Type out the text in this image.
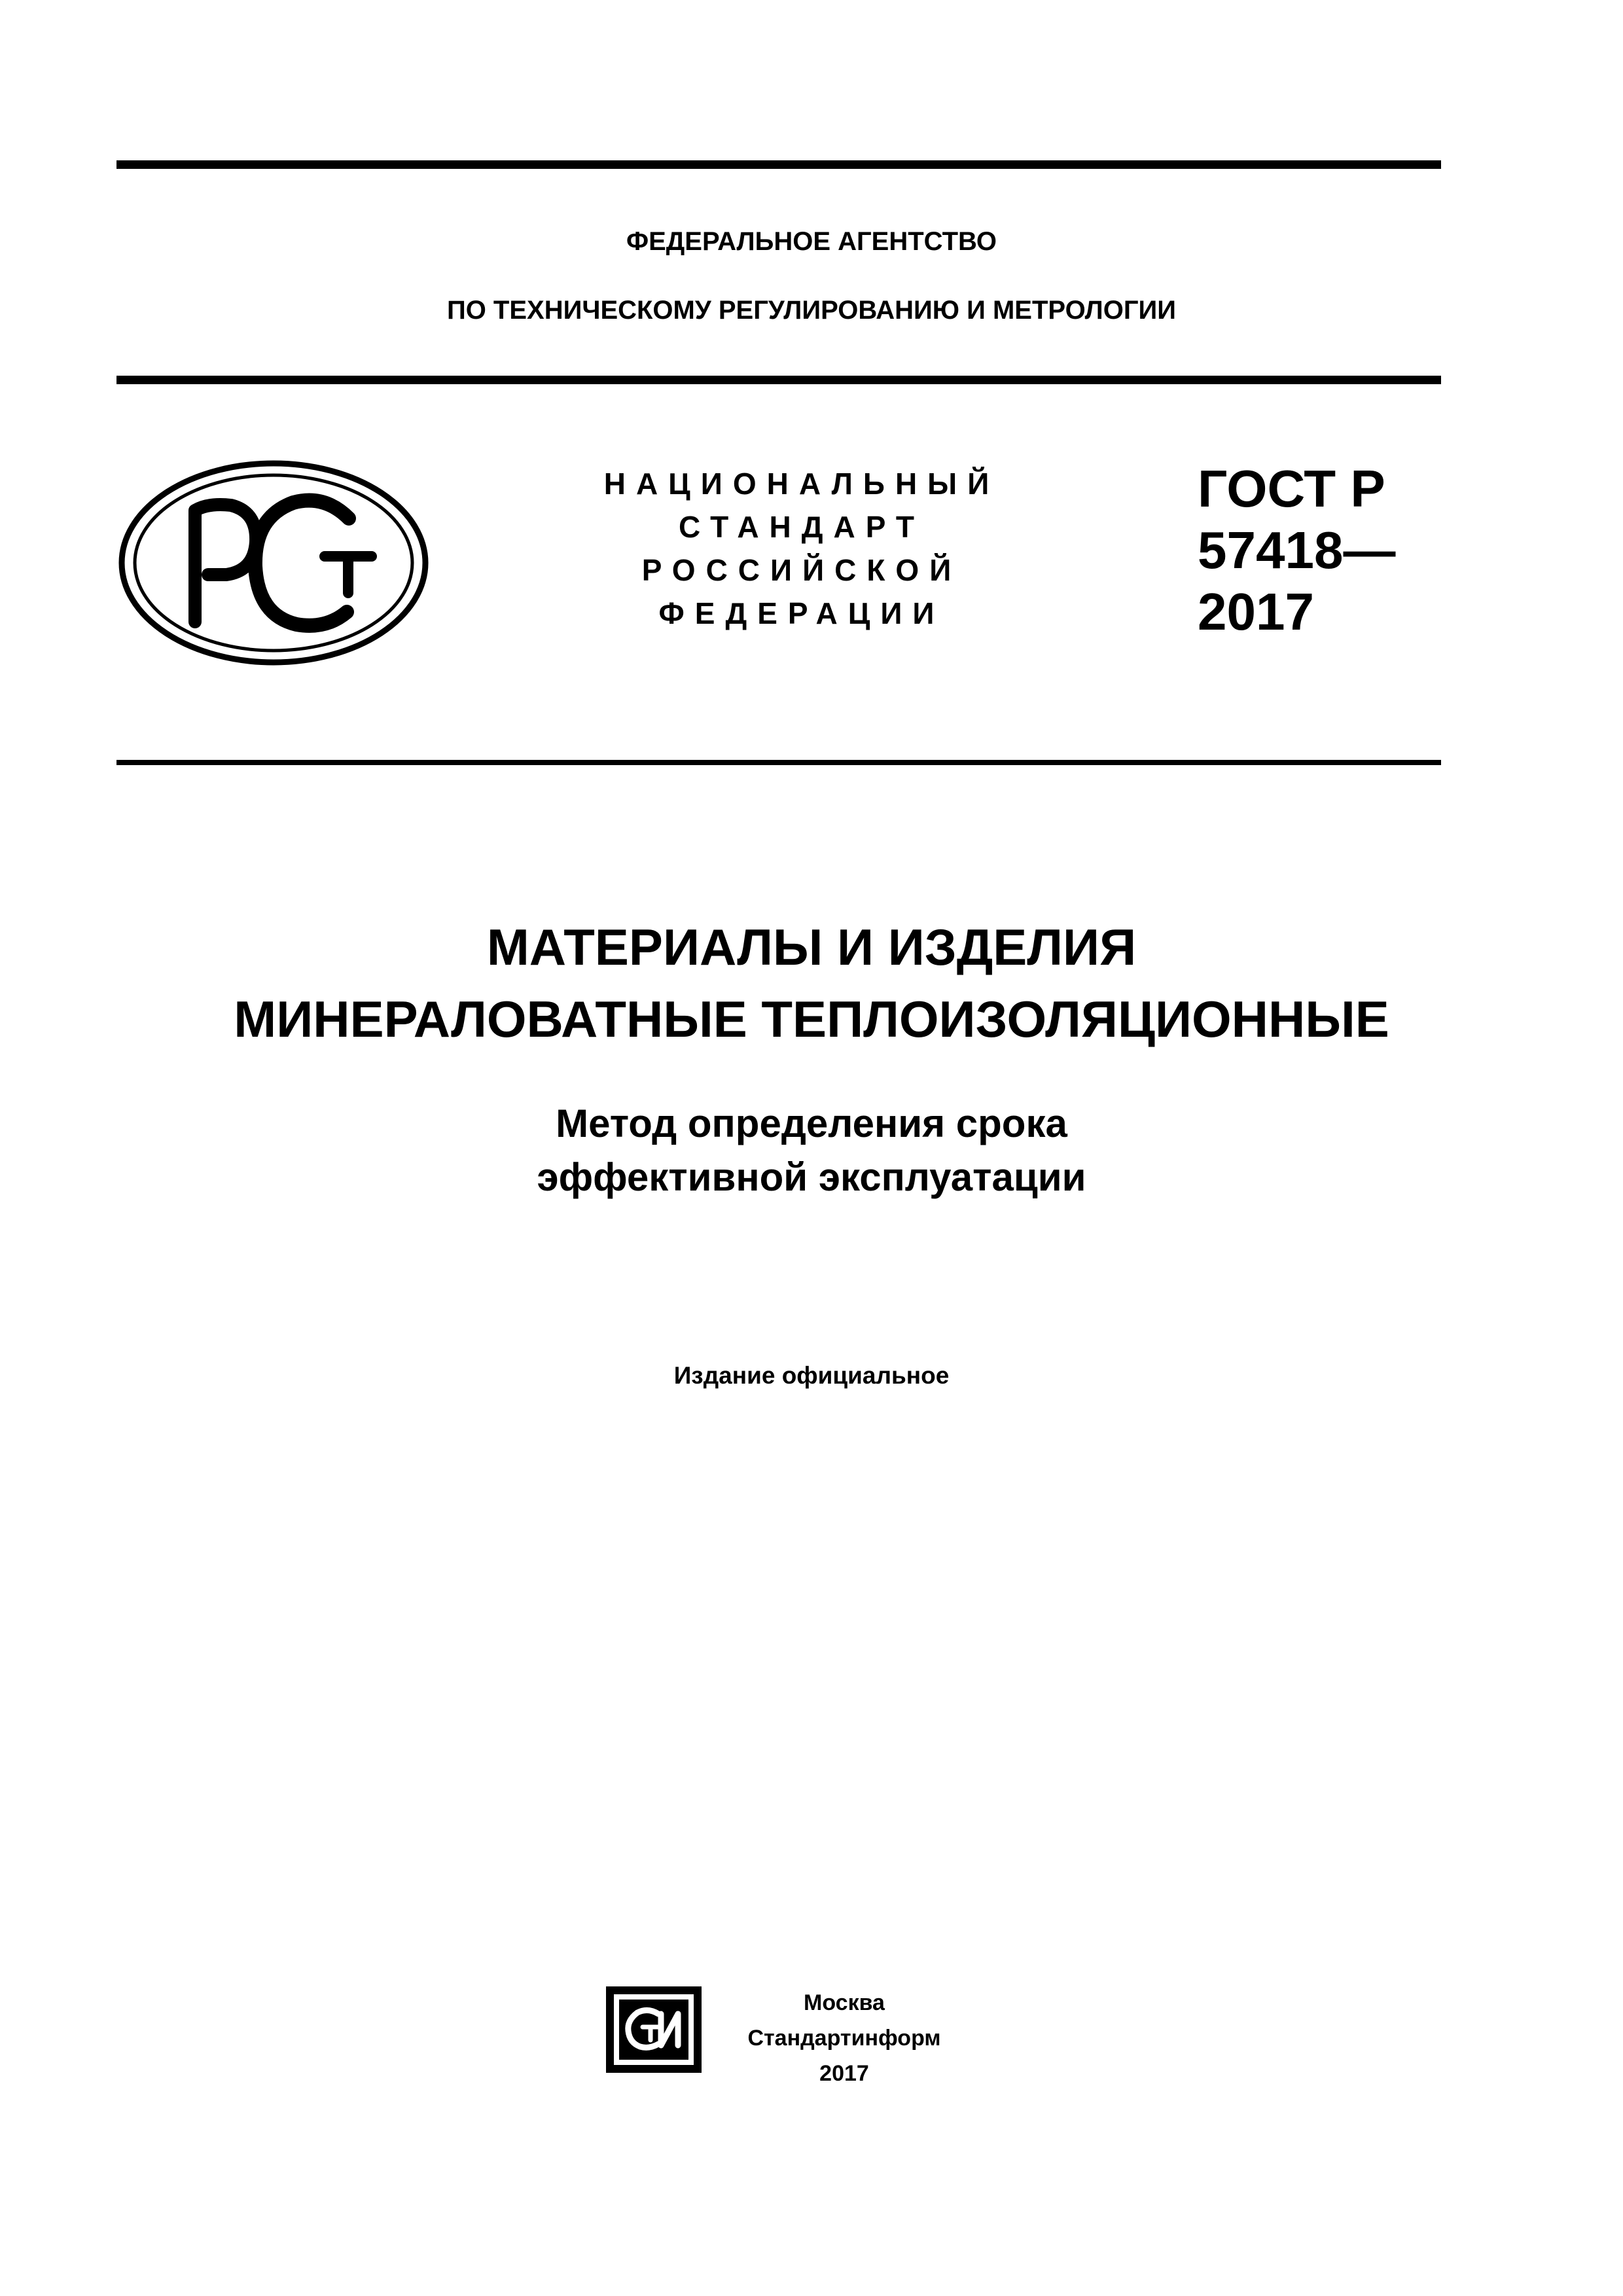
ФЕДЕРАЛЬНОЕ АГЕНТСТВО
ПО ТЕХНИЧЕСКОМУ РЕГУЛИРОВАНИЮ И МЕТРОЛОГИИ
НАЦИОНАЛЬНЫЙ
СТАНДАРТ
РОССИЙСКОЙ
ФЕДЕРАЦИИ
ГОСТ Р
57418—
2017
МАТЕРИАЛЫ И ИЗДЕЛИЯ
МИНЕРАЛОВАТНЫЕ ТЕПЛОИЗОЛЯЦИОННЫЕ
Метод определения срока
эффективной эксплуатации
Издание официальное
Москва
Стандартинформ
2017
